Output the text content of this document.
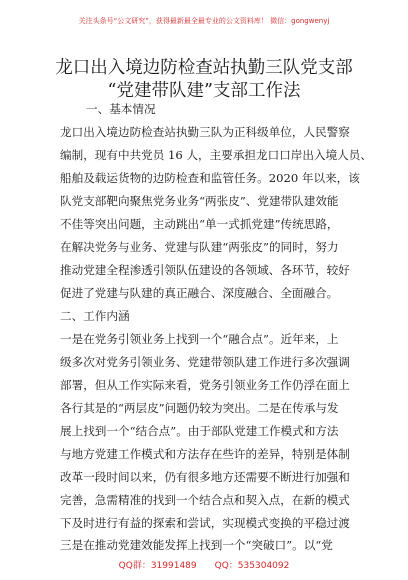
关注头条号“公文研究”，获得最新最全最专业的公文资料库！ 微信：gongwenyj
龙口出入境边防检查站执勤三队党支部
“党建带队建”支部工作法
一、基本情况
龙口出入境边防检查站执勤三队为正科级单位，人民警察
编制，现有中共党员 16 人，主要承担龙口口岸出入境人员、
船舶及载运货物的边防检查和监管任务。2020 年以来，该
队党支部靶向聚焦党务业务“两张皮”、党建带队建效能
不佳等突出问题，主动跳出“单一式抓党建”传统思路，
在解决党务与业务、党建与队建“两张皮”的同时，努力
推动党建全程渗透引领队伍建设的各领域、各环节，较好
促进了党建与队建的真正融合、深度融合、全面融合。
二、工作内涵
一是在党务引领业务上找到一个“融合点”。近年来，上
级多次对党务引领业务、党建带领队建工作进行多次强调
部署，但从工作实际来看，党务引领业务工作仍浮在面上
各行其是的“两层皮”问题仍较为突出。二是在传承与发
展上找到一个“结合点”。由于部队党建工作模式和方法
与地方党建工作模式和方法存在些许的差异，特别是体制
改革一段时间以来，仍有很多地方还需要不断进行加强和
完善，急需精准的找到一个结合点和契入点，在新的模式
下及时进行有益的探索和尝试，实现模式变换的平稳过渡
QQ群：31991489 QQ：535304092
三是在推动党建效能发挥上找到一个“突破口”。以“党
